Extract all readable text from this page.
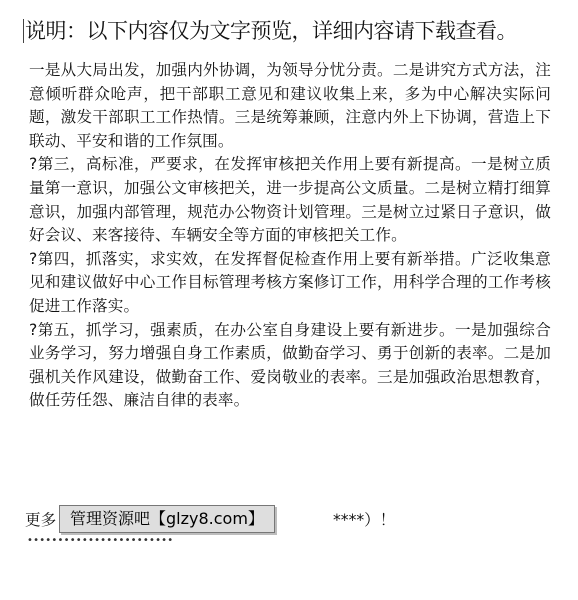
说明：以下内容仅为文字预览，详细内容请下载查看。

一是从大局出发，加强内外协调，为领导分忧分责。二是讲究方式方法，注意倾听群众呛声，把干部职工意见和建议收集上来，多为中心解决实际问题，激发干部职工工作热情。三是统筹兼顾，注意内外上下协调，营造上下联动、平安和谐的工作氛围。

?第三，高标准，严要求，在发挥审核把关作用上要有新提高。一是树立质量第一意识，加强公文审核把关，进一步提高公文质量。二是树立精打细算意识，加强内部管理，规范办公物资计划管理。三是树立过紧日子意识，做好会议、来客接待、车辆安全等方面的审核把关工作。

?第四，抓落实，求实效，在发挥督促检查作用上要有新举措。广泛收集意见和建议做好中心工作目标管理考核方案修订工作，用科学合理的工作考核促进工作落实。

?第五，抓学习，强素质，在办公室自身建设上要有新进步。一是加强综合业务学习，努力增强自身工作素质，做勤奋学习、勇于创新的表率。二是加强机关作风建设，做勤奋工作、爱岗敬业的表率。三是加强政治思想教育，做任劳任怨、廉洁自律的表率。

更多	****）！
管理资源吧【glzy8.com】
••••••••••••••••••••••••
